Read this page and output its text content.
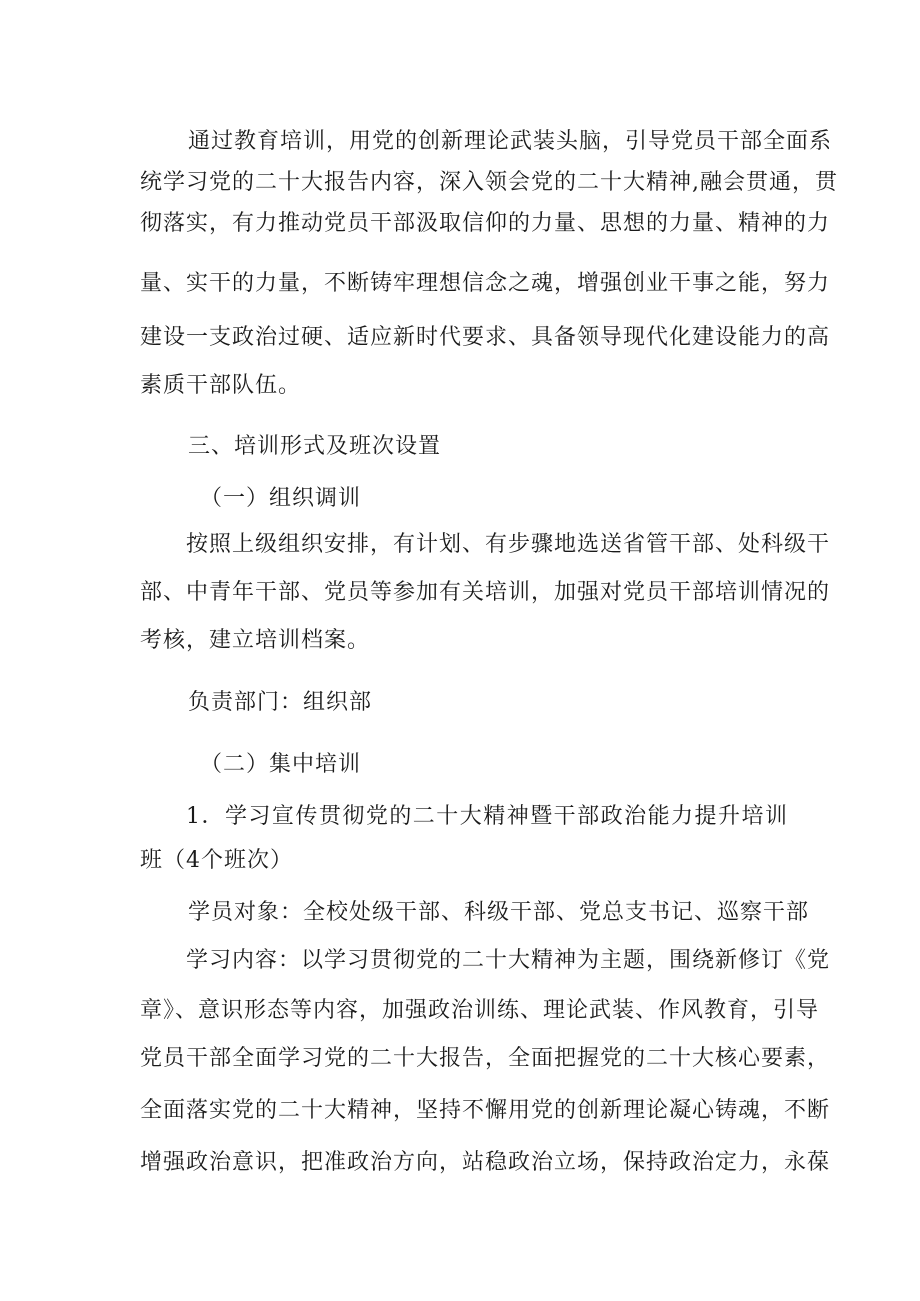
通过教育培训，用党的创新理论武装头脑，引导党员干部全面系

统学习党的二十大报告内容，深入领会党的二十大精神,融会贯通，贯

彻落实，有力推动党员干部汲取信仰的力量、思想的力量、精神的力

量、实干的力量，不断铸牢理想信念之魂，增强创业干事之能，努力

建设一支政治过硬、适应新时代要求、具备领导现代化建设能力的高

素质干部队伍。

三、培训形式及班次设置

（一）组织调训

按照上级组织安排，有计划、有步骤地选送省管干部、处科级干

部、中青年干部、党员等参加有关培训，加强对党员干部培训情况的

考核，建立培训档案。

负责部门：组织部

（二）集中培训

1．学习宣传贯彻党的二十大精神暨干部政治能力提升培训

班（4个班次）

学员对象：全校处级干部、科级干部、党总支书记、巡察干部

学习内容：以学习贯彻党的二十大精神为主题，围绕新修订《党

章》、意识形态等内容，加强政治训练、理论武装、作风教育，引导

党员干部全面学习党的二十大报告，全面把握党的二十大核心要素，

全面落实党的二十大精神，坚持不懈用党的创新理论凝心铸魂，不断

增强政治意识，把准政治方向，站稳政治立场，保持政治定力，永葆
